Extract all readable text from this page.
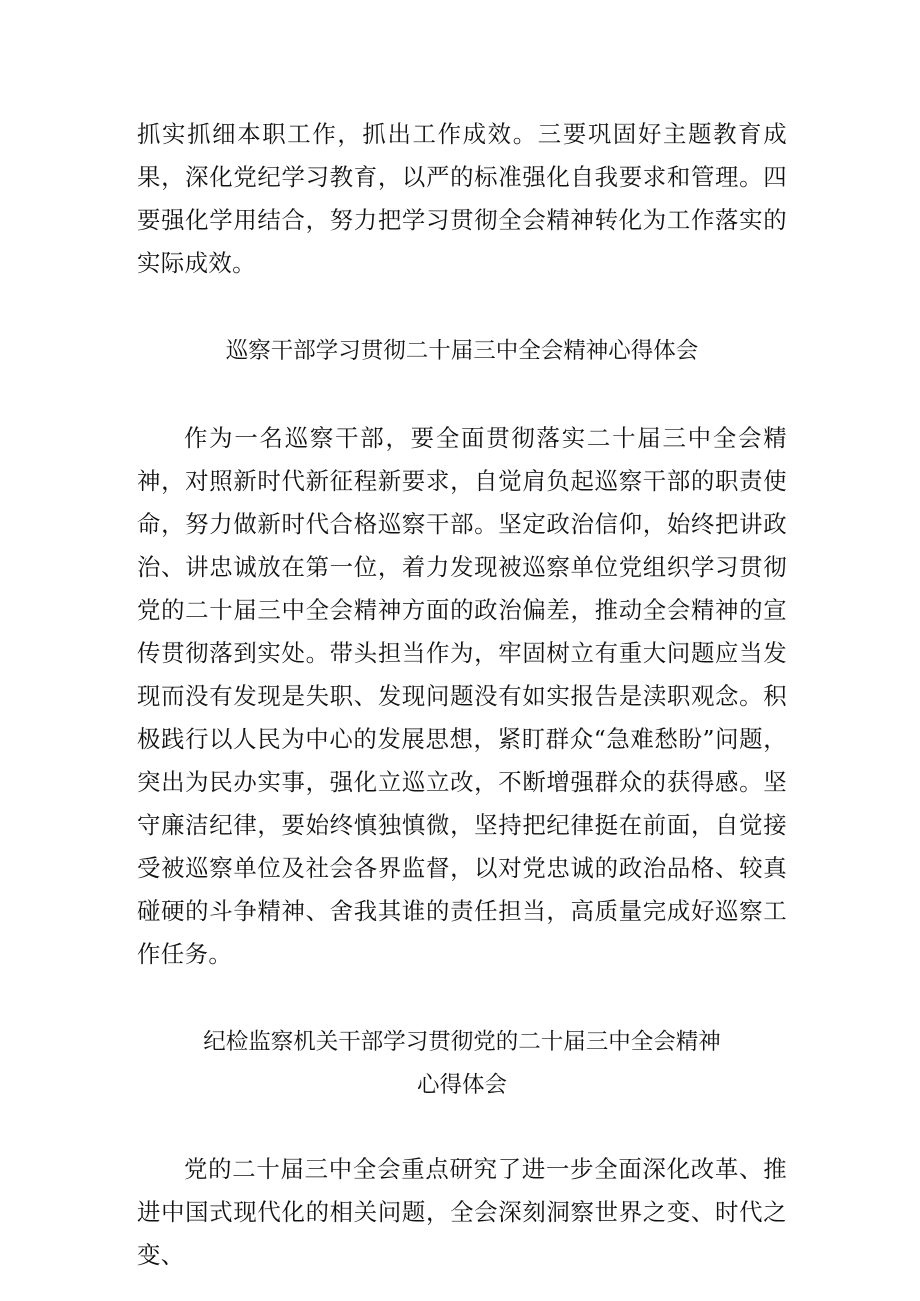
抓实抓细本职工作，抓出工作成效。三要巩固好主题教育成果，深化党纪学习教育，以严的标准强化自我要求和管理。四要强化学用结合，努力把学习贯彻全会精神转化为工作落实的实际成效。

巡察干部学习贯彻二十届三中全会精神心得体会

作为一名巡察干部，要全面贯彻落实二十届三中全会精神，对照新时代新征程新要求，自觉肩负起巡察干部的职责使命，努力做新时代合格巡察干部。坚定政治信仰，始终把讲政治、讲忠诚放在第一位，着力发现被巡察单位党组织学习贯彻党的二十届三中全会精神方面的政治偏差，推动全会精神的宣传贯彻落到实处。带头担当作为，牢固树立有重大问题应当发现而没有发现是失职、发现问题没有如实报告是渎职观念。积极践行以人民为中心的发展思想，紧盯群众“急难愁盼”问题，突出为民办实事，强化立巡立改，不断增强群众的获得感。坚守廉洁纪律，要始终慎独慎微，坚持把纪律挺在前面，自觉接受被巡察单位及社会各界监督，以对党忠诚的政治品格、较真碰硬的斗争精神、舍我其谁的责任担当，高质量完成好巡察工作任务。

纪检监察机关干部学习贯彻党的二十届三中全会精神
心得体会

党的二十届三中全会重点研究了进一步全面深化改革、推进中国式现代化的相关问题，全会深刻洞察世界之变、时代之变、
